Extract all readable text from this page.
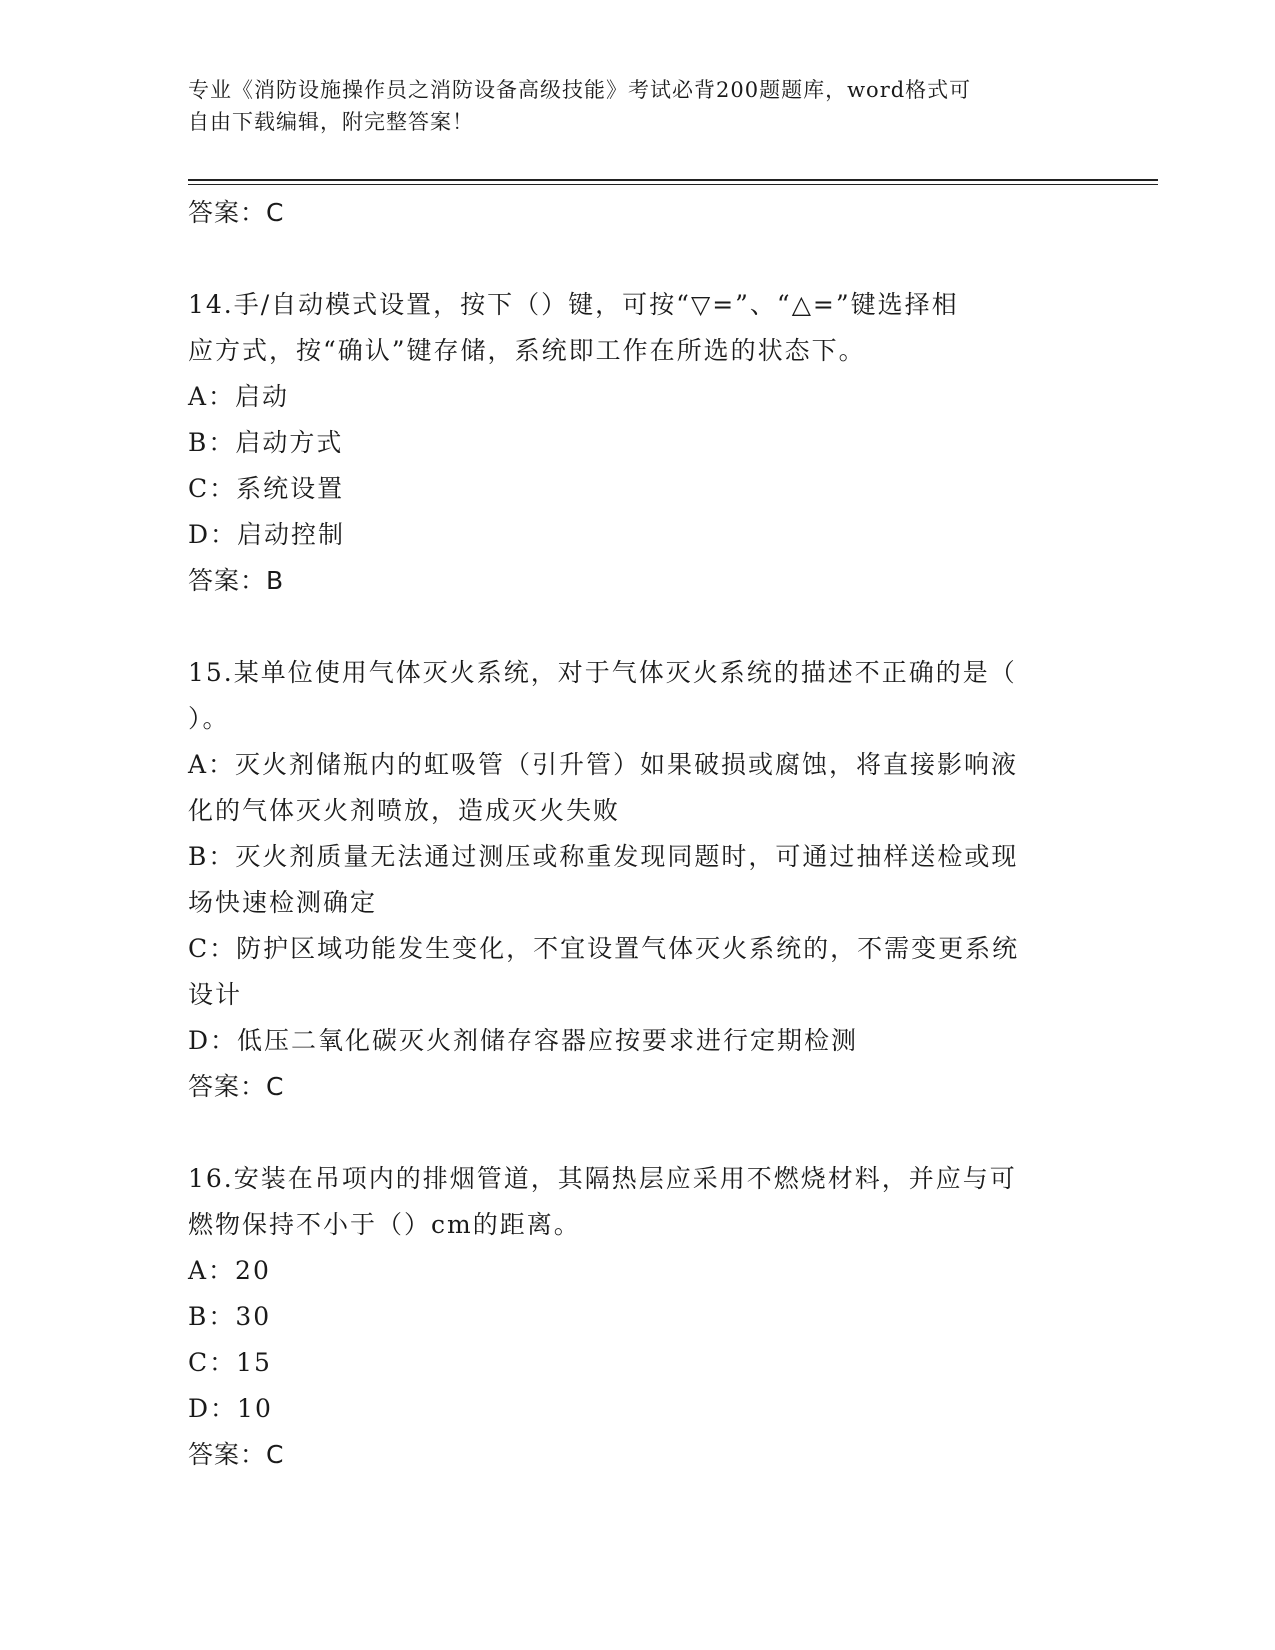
专业《消防设施操作员之消防设备高级技能》考试必背200题题库，word格式可
自由下载编辑，附完整答案！
答案：C
14.手/自动模式设置，按下（）键，可按“▽=”、“△=”键选择相
应方式，按“确认”键存储，系统即工作在所选的状态下。
A：启动
B：启动方式
C：系统设置
D：启动控制
答案：B
15.某单位使用气体灭火系统，对于气体灭火系统的描述不正确的是（
）。
A：灭火剂储瓶内的虹吸管（引升管）如果破损或腐蚀，将直接影响液
化的气体灭火剂喷放，造成灭火失败
B：灭火剂质量无法通过测压或称重发现同题时，可通过抽样送检或现
场快速检测确定
C：防护区域功能发生变化，不宜设置气体灭火系统的，不需变更系统
设计
D：低压二氧化碳灭火剂储存容器应按要求进行定期检测
答案：C
16.安装在吊项内的排烟管道，其隔热层应采用不燃烧材料，并应与可
燃物保持不小于（）cm的距离。
A：20
B：30
C：15
D：10
答案：C
